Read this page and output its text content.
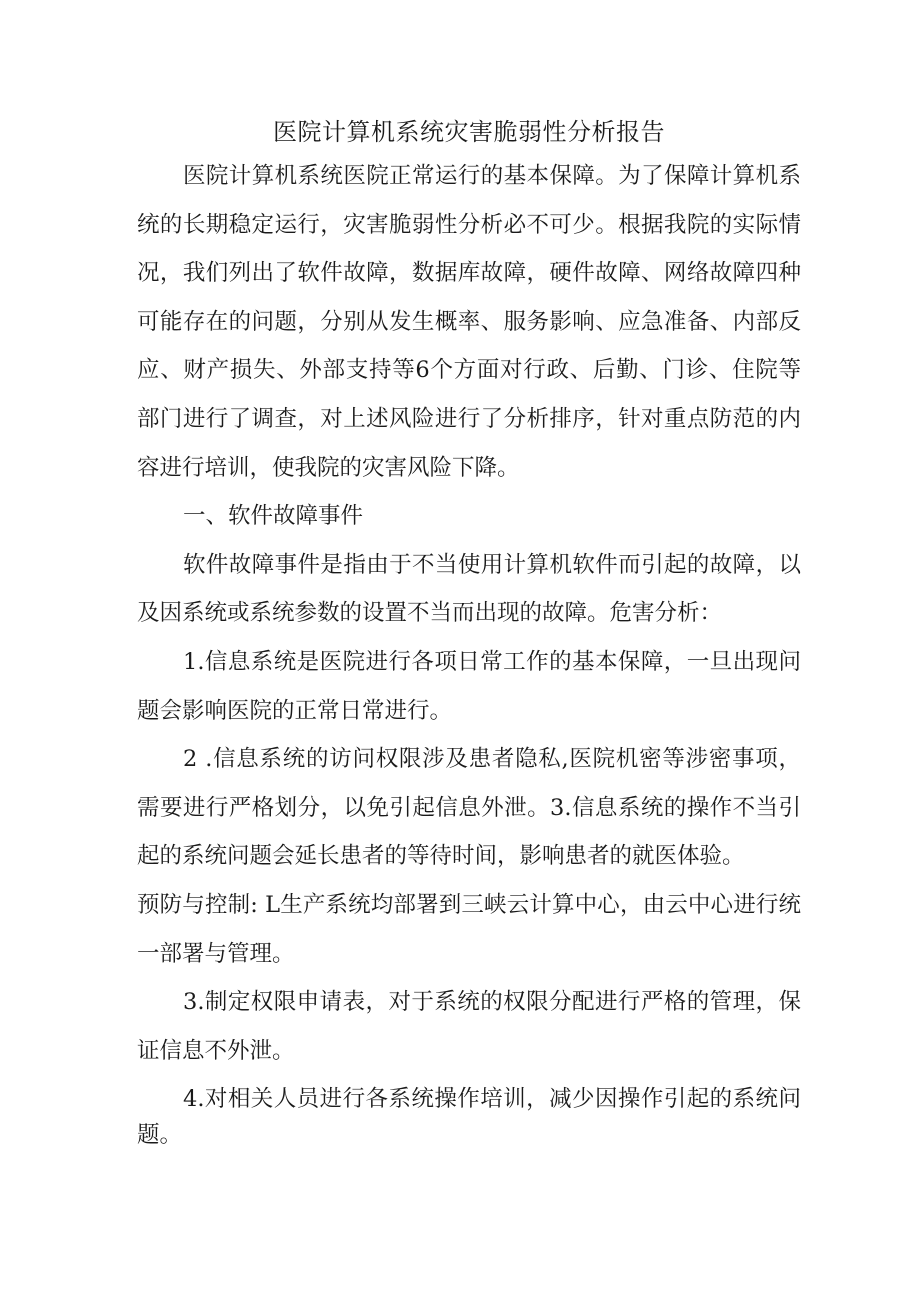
医院计算机系统灾害脆弱性分析报告

医院计算机系统医院正常运行的基本保障。为了保障计算机系统的长期稳定运行，灾害脆弱性分析必不可少。根据我院的实际情况，我们列出了软件故障，数据库故障，硬件故障、网络故障四种可能存在的问题，分别从发生概率、服务影响、应急准备、内部反应、财产损失、外部支持等6个方面对行政、后勤、门诊、住院等部门进行了调查，对上述风险进行了分析排序，针对重点防范的内容进行培训，使我院的灾害风险下降。

一、软件故障事件

软件故障事件是指由于不当使用计算机软件而引起的故障，以及因系统或系统参数的设置不当而出现的故障。危害分析：

1.信息系统是医院进行各项日常工作的基本保障，一旦出现问题会影响医院的正常日常进行。

2 .信息系统的访问权限涉及患者隐私,医院机密等涉密事项，需要进行严格划分，以免引起信息外泄。3.信息系统的操作不当引起的系统问题会延长患者的等待时间，影响患者的就医体验。

预防与控制: L生产系统均部署到三峡云计算中心，由云中心进行统一部署与管理。

3.制定权限申请表，对于系统的权限分配进行严格的管理，保证信息不外泄。

4.对相关人员进行各系统操作培训，减少因操作引起的系统问题。
